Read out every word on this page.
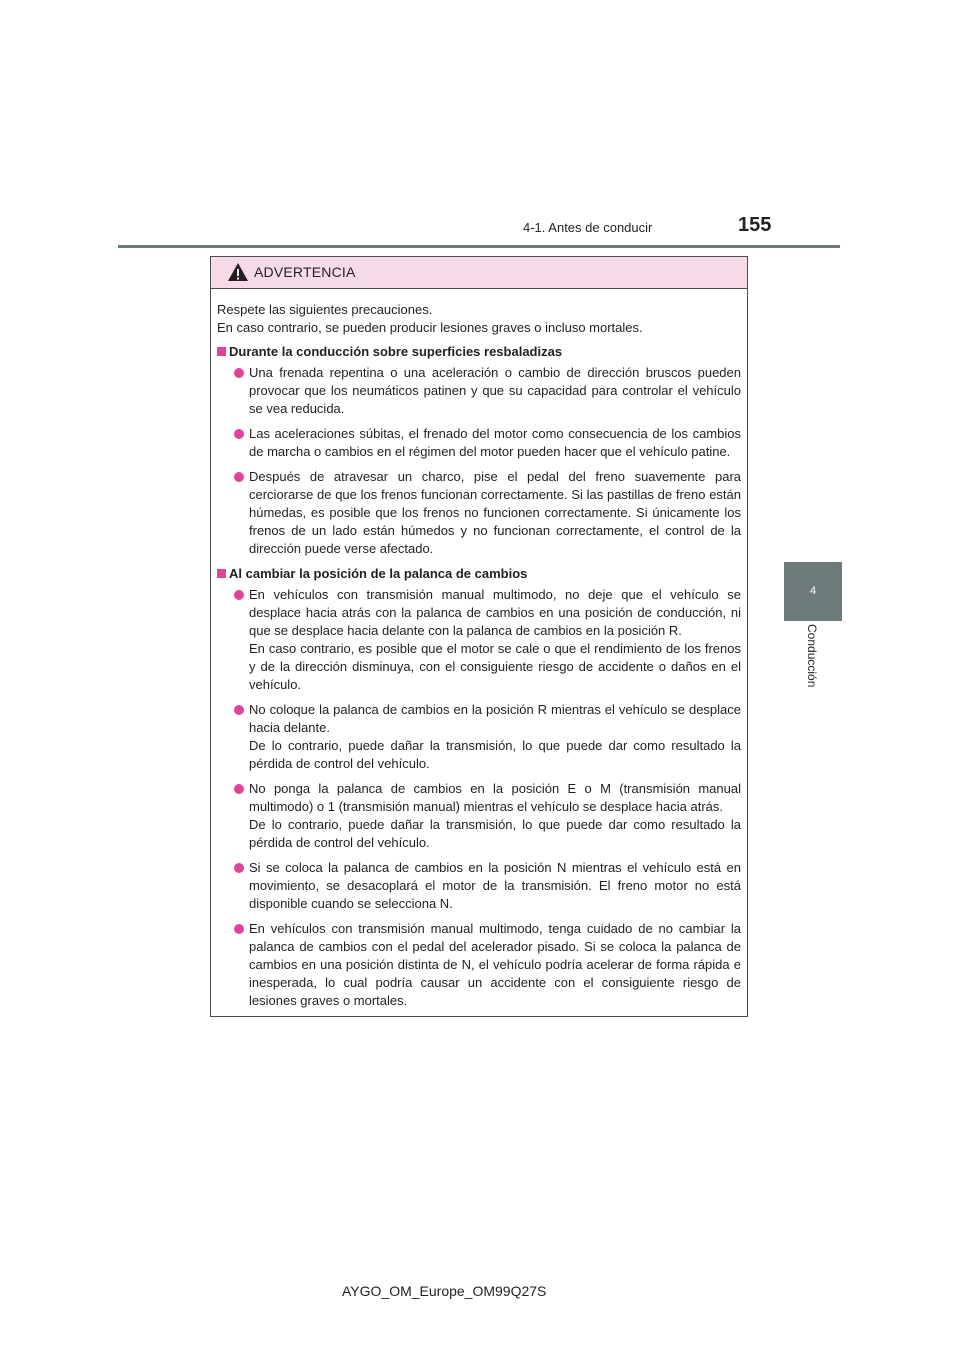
4-1. Antes de conducir	155
4
Conducción
ADVERTENCIA

Respete las siguientes precauciones.

En caso contrario, se pueden producir lesiones graves o incluso mortales.

Durante la conducción sobre superficies resbaladizas

Una frenada repentina o una aceleración o cambio de dirección bruscos pueden provocar que los neumáticos patinen y que su capacidad para controlar el vehículo se vea reducida.

Las aceleraciones súbitas, el frenado del motor como consecuencia de los cambios de marcha o cambios en el régimen del motor pueden hacer que el vehículo patine.

Después de atravesar un charco, pise el pedal del freno suavemente para cerciorarse de que los frenos funcionan correctamente. Si las pastillas de freno están húmedas, es posible que los frenos no funcionen correctamente. Si únicamente los frenos de un lado están húmedos y no funcionan correctamente, el control de la dirección puede verse afectado.

Al cambiar la posición de la palanca de cambios

En vehículos con transmisión manual multimodo, no deje que el vehículo se desplace hacia atrás con la palanca de cambios en una posición de conducción, ni que se desplace hacia delante con la palanca de cambios en la posición R.

En caso contrario, es posible que el motor se cale o que el rendimiento de los frenos y de la dirección disminuya, con el consiguiente riesgo de accidente o daños en el vehículo.

No coloque la palanca de cambios en la posición R mientras el vehículo se desplace hacia delante.

De lo contrario, puede dañar la transmisión, lo que puede dar como resultado la pérdida de control del vehículo.

No ponga la palanca de cambios en la posición E o M (transmisión manual multimodo) o 1 (transmisión manual) mientras el vehículo se desplace hacia atrás.

De lo contrario, puede dañar la transmisión, lo que puede dar como resultado la pérdida de control del vehículo.

Si se coloca la palanca de cambios en la posición N mientras el vehículo está en movimiento, se desacoplará el motor de la transmisión. El freno motor no está disponible cuando se selecciona N.

En vehículos con transmisión manual multimodo, tenga cuidado de no cambiar la palanca de cambios con el pedal del acelerador pisado. Si se coloca la palanca de cambios en una posición distinta de N, el vehículo podría acelerar de forma rápida e inesperada, lo cual podría causar un accidente con el consiguiente riesgo de lesiones graves o mortales.

AYGO_OM_Europe_OM99Q27S
